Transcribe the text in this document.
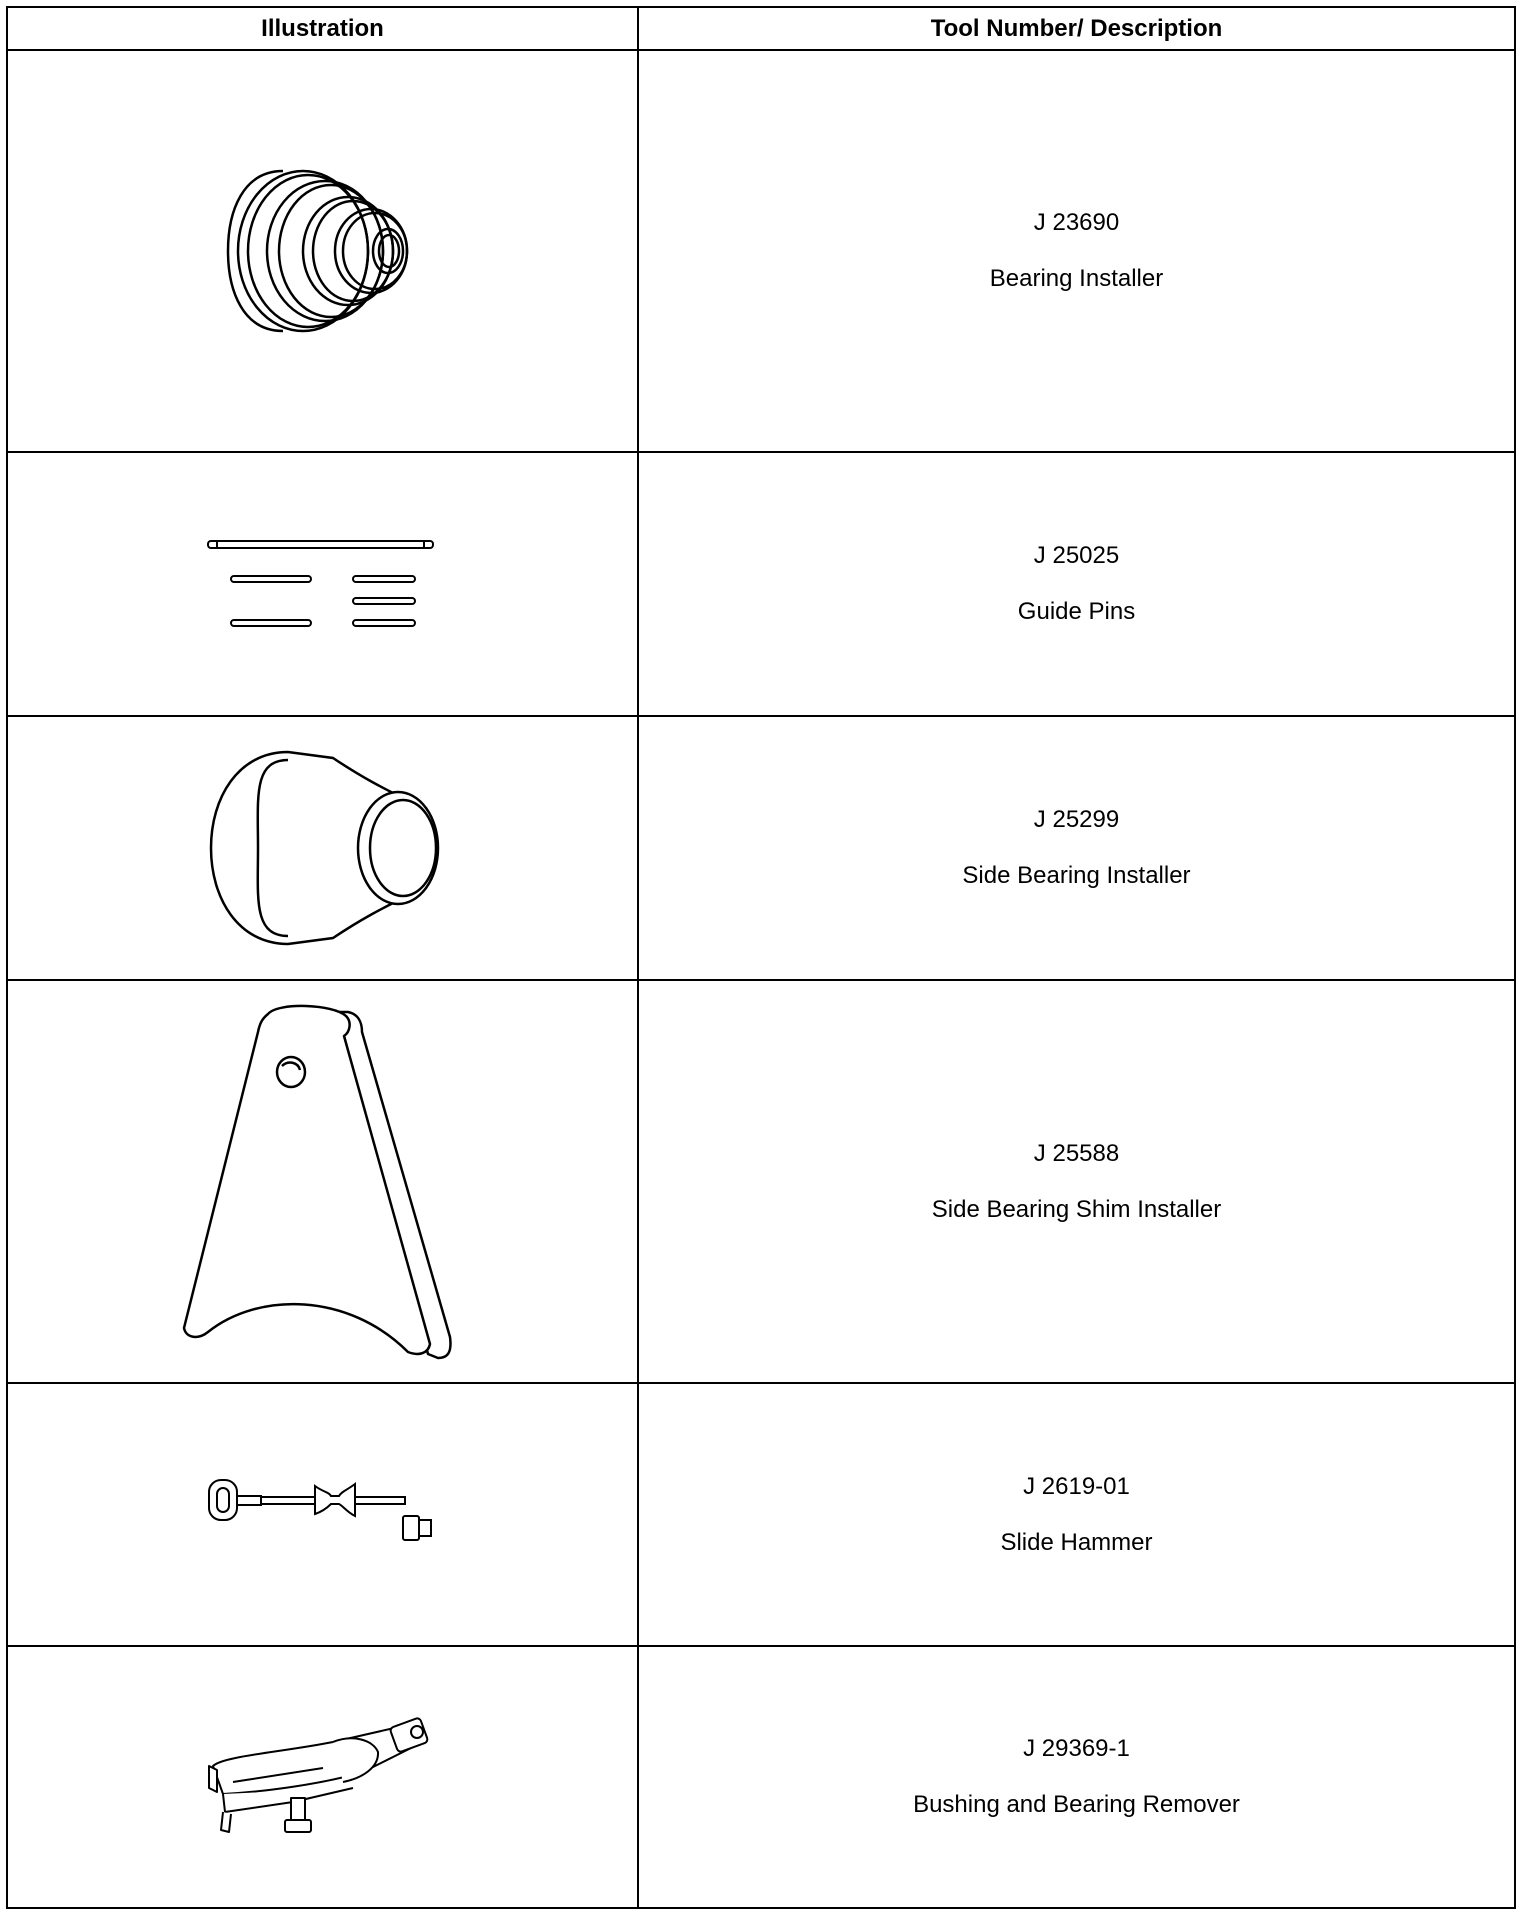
Illustration	Tool Number/ Description

J 23690
Bearing Installer

J 25025
Guide Pins

J 25299
Side Bearing Installer

J 25588
Side Bearing Shim Installer

J 2619-01
Slide Hammer

J 29369-1
Bushing and Bearing Remover
